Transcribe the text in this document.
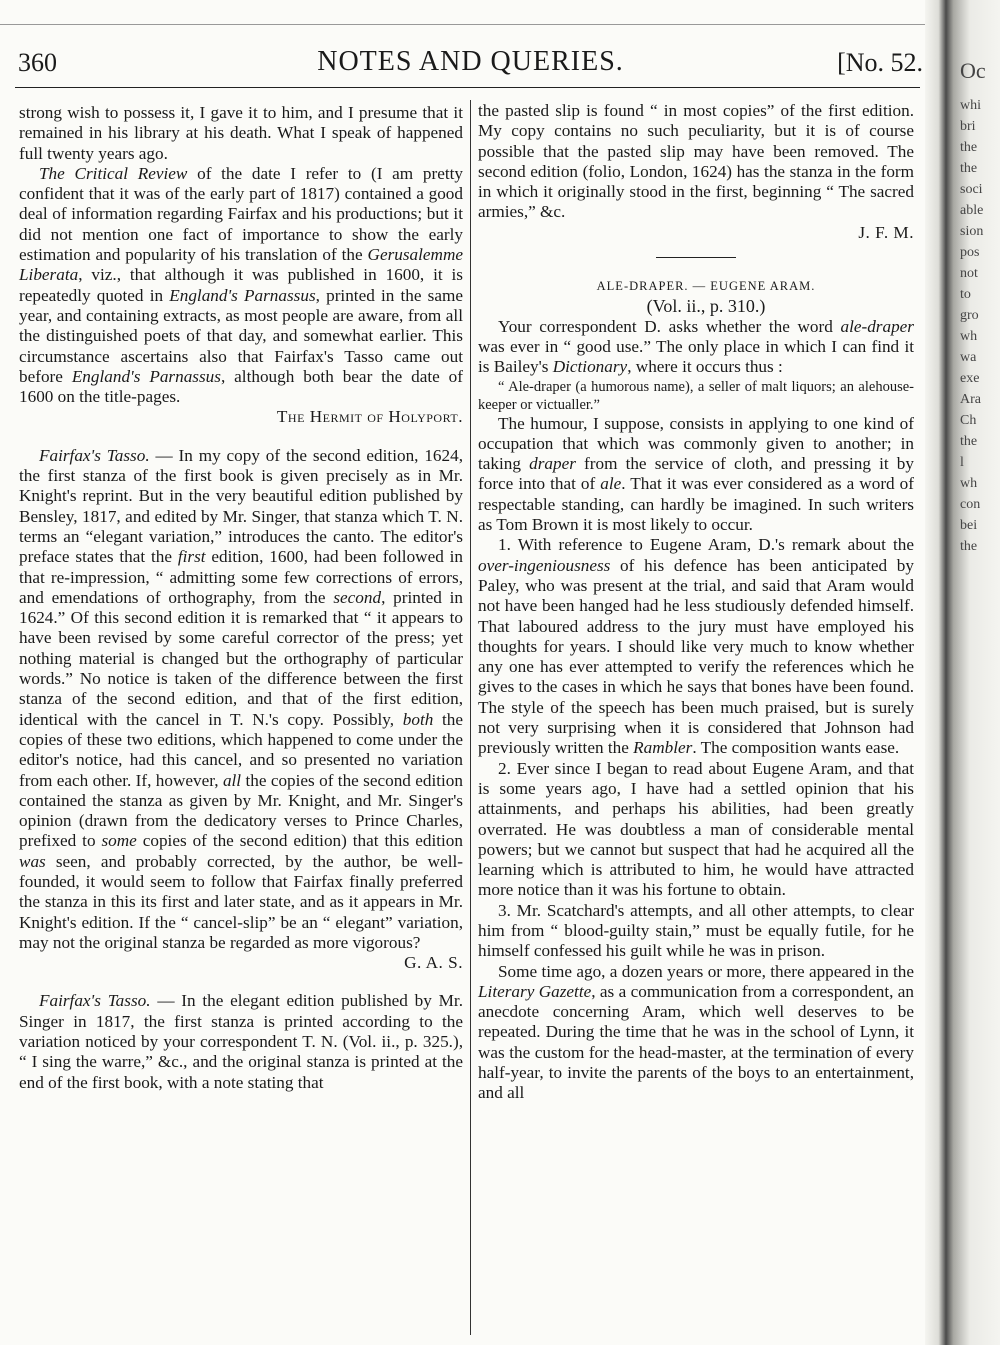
360	NOTES AND QUERIES.	[No. 52.

strong wish to possess it, I gave it to him, and I presume that it remained in his library at his death. What I speak of happened full twenty years ago.

The Critical Review of the date I refer to (I am pretty confident that it was of the early part of 1817) contained a good deal of information regarding Fairfax and his productions; but it did not mention one fact of importance to show the early estimation and popularity of his translation of the Gerusalemme Liberata, viz., that although it was published in 1600, it is repeatedly quoted in England's Parnassus, printed in the same year, and containing extracts, as most people are aware, from all the distinguished poets of that day, and somewhat earlier. This circumstance ascertains also that Fairfax's Tasso came out before England's Parnassus, although both bear the date of 1600 on the title-pages.

The Hermit of Holyport.

Fairfax's Tasso. — In my copy of the second edition, 1624, the first stanza of the first book is given precisely as in Mr. Knight's reprint. But in the very beautiful edition published by Bensley, 1817, and edited by Mr. Singer, that stanza which T. N. terms an “elegant variation,” introduces the canto. The editor's preface states that the first edition, 1600, had been followed in that re-impression, “ admitting some few corrections of errors, and emendations of orthography, from the second, printed in 1624.” Of this second edition it is remarked that “ it appears to have been revised by some careful corrector of the press; yet nothing material is changed but the orthography of particular words.” No notice is taken of the difference between the first stanza of the second edition, and that of the first edition, identical with the cancel in T. N.'s copy. Possibly, both the copies of these two editions, which happened to come under the editor's notice, had this cancel, and so presented no variation from each other. If, however, all the copies of the second edition contained the stanza as given by Mr. Knight, and Mr. Singer's opinion (drawn from the dedicatory verses to Prince Charles, prefixed to some copies of the second edition) that this edition was seen, and probably corrected, by the author, be well-founded, it would seem to follow that Fairfax finally preferred the stanza in this its first and later state, and as it appears in Mr. Knight's edition. If the “ cancel-slip” be an “ elegant” variation, may not the original stanza be regarded as more vigorous?

G. A. S.

Fairfax's Tasso. — In the elegant edition published by Mr. Singer in 1817, the first stanza is printed according to the variation noticed by your correspondent T. N. (Vol. ii., p. 325.), “ I sing the warre,” &c., and the original stanza is printed at the end of the first book, with a note stating that

the pasted slip is found “ in most copies” of the first edition. My copy contains no such peculiarity, but it is of course possible that the pasted slip may have been removed. The second edition (folio, London, 1624) has the stanza in the form in which it originally stood in the first, beginning “ The sacred armies,” &c.

J. F. M.

ALE-DRAPER. — EUGENE ARAM.

(Vol. ii., p. 310.)

Your correspondent D. asks whether the word ale-draper was ever in “ good use.” The only place in which I can find it is Bailey's Dictionary, where it occurs thus :

“ Ale-draper (a humorous name), a seller of malt liquors; an alehouse-keeper or victualler.”

The humour, I suppose, consists in applying to one kind of occupation that which was commonly given to another; in taking draper from the service of cloth, and pressing it by force into that of ale. That it was ever considered as a word of respectable standing, can hardly be imagined. In such writers as Tom Brown it is most likely to occur.

1. With reference to Eugene Aram, D.'s remark about the over-ingeniousness of his defence has been anticipated by Paley, who was present at the trial, and said that Aram would not have been hanged had he less studiously defended himself. That laboured address to the jury must have employed his thoughts for years. I should like very much to know whether any one has ever attempted to verify the references which he gives to the cases in which he says that bones have been found. The style of the speech has been much praised, but is surely not very surprising when it is considered that Johnson had previously written the Rambler. The composition wants ease.

2. Ever since I began to read about Eugene Aram, and that is some years ago, I have had a settled opinion that his attainments, and perhaps his abilities, had been greatly overrated. He was doubtless a man of considerable mental powers; but we cannot but suspect that had he acquired all the learning which is attributed to him, he would have attracted more notice than it was his fortune to obtain.

3. Mr. Scatchard's attempts, and all other attempts, to clear him from “ blood-guilty stain,” must be equally futile, for he himself confessed his guilt while he was in prison.

Some time ago, a dozen years or more, there appeared in the Literary Gazette, as a communication from a correspondent, an anecdote concerning Aram, which well deserves to be repeated. During the time that he was in the school of Lynn, it was the custom for the head-master, at the termination of every half-year, to invite the parents of the boys to an entertainment, and all

Oc
whi
bri
the
the
soci
able
sion
pos
not
to
gro
wh
wa
exe
Ara
Ch
the
l
wh
con
bei
the
